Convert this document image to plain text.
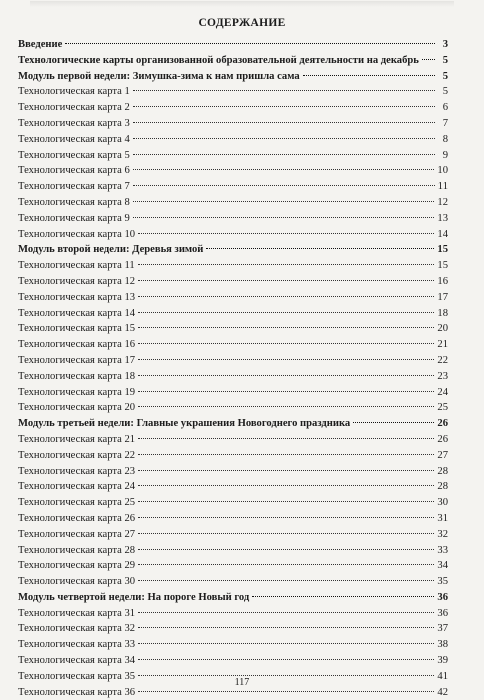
СОДЕРЖАНИЕ
Введение	3
Технологические карты организованной образовательной деятельности на декабрь	5
Модуль первой недели: Зимушка-зима к нам пришла сама	5
Технологическая карта 1	5
Технологическая карта 2	6
Технологическая карта 3	7
Технологическая карта 4	8
Технологическая карта 5	9
Технологическая карта 6	10
Технологическая карта 7	11
Технологическая карта 8	12
Технологическая карта 9	13
Технологическая карта 10	14
Модуль второй недели: Деревья зимой	15
Технологическая карта 11	15
Технологическая карта 12	16
Технологическая карта 13	17
Технологическая карта 14	18
Технологическая карта 15	20
Технологическая карта 16	21
Технологическая карта 17	22
Технологическая карта 18	23
Технологическая карта 19	24
Технологическая карта 20	25
Модуль третьей недели: Главные украшения Новогоднего праздника	26
Технологическая карта 21	26
Технологическая карта 22	27
Технологическая карта 23	28
Технологическая карта 24	28
Технологическая карта 25	30
Технологическая карта 26	31
Технологическая карта 27	32
Технологическая карта 28	33
Технологическая карта 29	34
Технологическая карта 30	35
Модуль четвертой недели: На пороге Новый год	36
Технологическая карта 31	36
Технологическая карта 32	37
Технологическая карта 33	38
Технологическая карта 34	39
Технологическая карта 35	41
Технологическая карта 36	42
117
